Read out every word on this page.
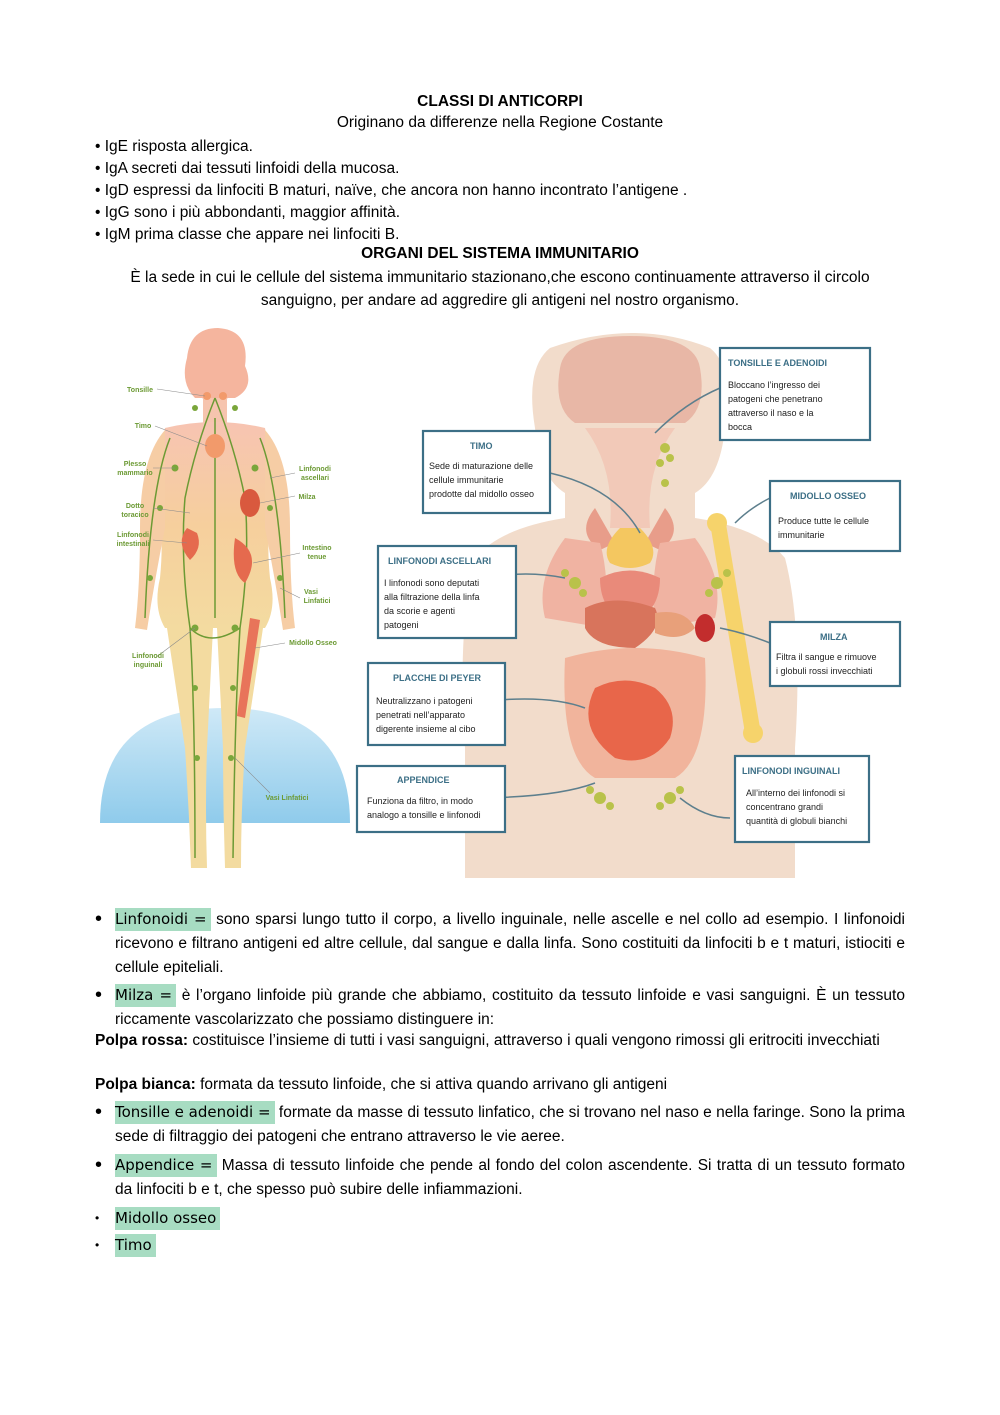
CLASSI DI ANTICORPI
Originano da differenze nella Regione Costante
• IgE risposta allergica.
• IgA secreti dai tessuti linfoidi della mucosa.
• IgD espressi da linfociti B maturi, naïve, che ancora non hanno incontrato l’antigene .
• IgG sono i più abbondanti, maggior affinità.
• IgM prima classe che appare nei linfociti B.
ORGANI DEL SISTEMA IMMUNITARIO
È la sede in cui le cellule del sistema immunitario stazionano,che escono continuamente attraverso il circolo sanguigno, per andare ad aggredire gli antigeni nel nostro organismo.
Tonsille
Timo
Plesso
mammario
Dotto
toracico
Linfonodi
intestinali
Linfonodi
ascellari
Milza
Intestino
tenue
Vasi
Linfatici
Midollo Osseo
Linfonodi
inguinali
Vasi Linfatici
TONSILLE E ADENOIDI
Bloccano l’ingresso dei
patogeni che penetrano
attraverso il naso e la
bocca
TIMO
Sede di maturazione delle
cellule immunitarie
prodotte dal midollo osseo	MIDOLLO OSSEO
Produce tutte le cellule
immunitarie
LINFONODI ASCELLARI
I linfonodi sono deputati
alla filtrazione della linfa
da scorie e agenti
patogeni
MILZA
Filtra il sangue e rimuove
i globuli rossi invecchiati
PLACCHE DI PEYER
Neutralizzano i patogeni
penetrati nell’apparato
digerente insieme al cibo
APPENDICE
Funziona da filtro, in modo
analogo a tonsille e linfonodi
LINFONODI INGUINALI
All’interno dei linfonodi si
concentrano grandi
quantità di globuli bianchi
• Linfonoidi = sono sparsi lungo tutto il corpo, a livello inguinale, nelle ascelle e nel collo ad esempio. I linfonoidi ricevono e filtrano antigeni ed altre cellule, dal sangue e dalla linfa. Sono costituiti da linfociti b e t maturi, istiociti e cellule epiteliali.
• Milza = è l’organo linfoide più grande che abbiamo, costituito da tessuto linfoide e vasi sanguigni. È un tessuto riccamente vascolarizzato che possiamo distinguere in:
Polpa rossa: costituisce l’insieme di tutti i vasi sanguigni, attraverso i quali vengono rimossi gli eritrociti invecchiati
Polpa bianca: formata da tessuto linfoide, che si attiva quando arrivano gli antigeni
• Tonsille e adenoidi = formate da masse di tessuto linfatico, che si trovano nel naso e nella faringe. Sono la prima sede di filtraggio dei patogeni che entrano attraverso le vie aeree.
• Appendice = Massa di tessuto linfoide che pende al fondo del colon ascendente. Si tratta di un tessuto formato da linfociti b e t, che spesso può subire delle infiammazioni.
•	Midollo osseo
•	Timo
